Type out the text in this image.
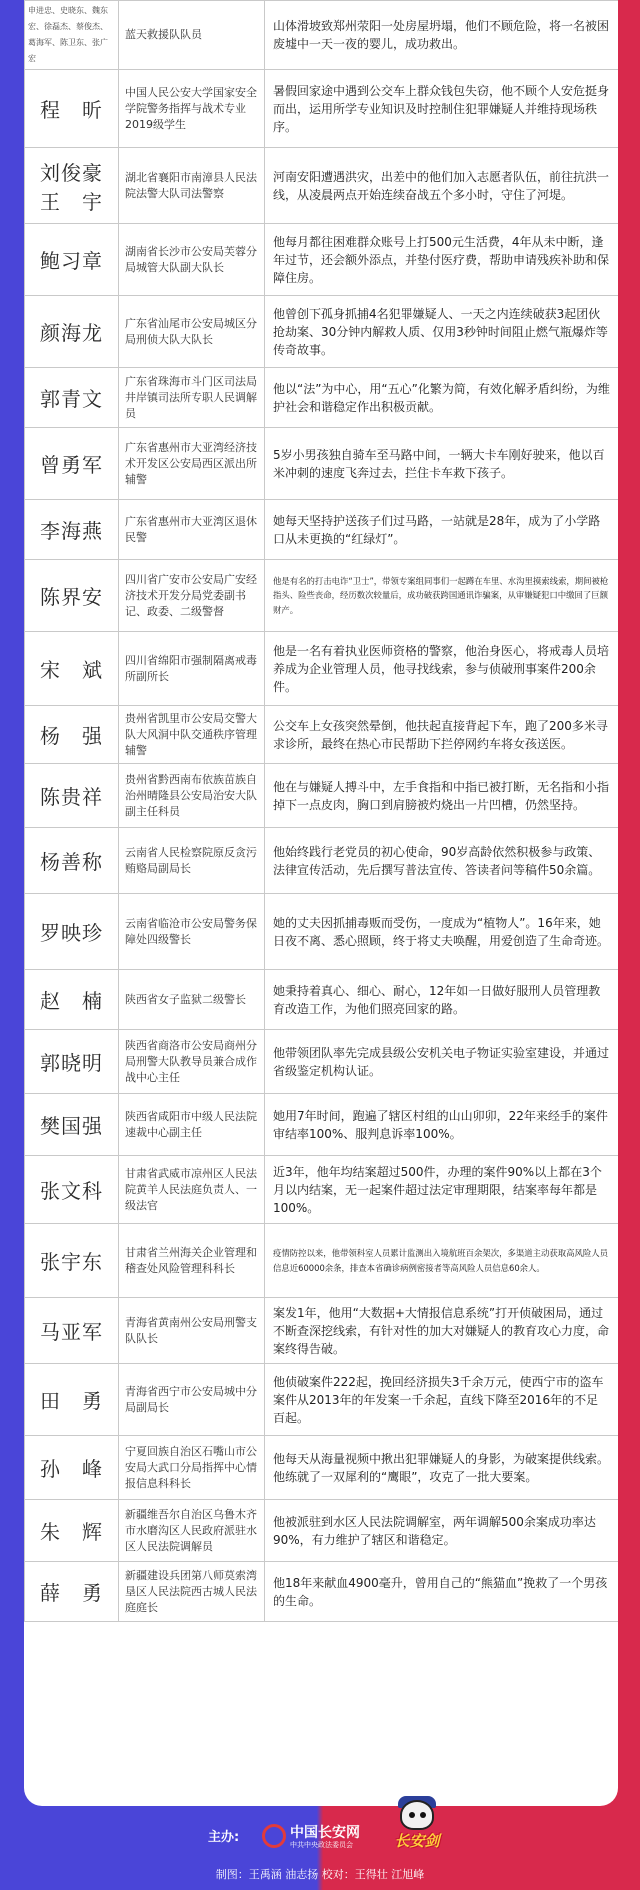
申进忠、史晓东、魏东宏、徐磊杰、蔡俊杰、葛海军、陈卫东、张广宏	蓝天救援队队员	山体滑坡致郑州荥阳一处房屋坍塌，他们不顾危险，将一名被困废墟中一天一夜的婴儿，成功救出。
程　昕	中国人民公安大学国家安全学院警务指挥与战术专业2019级学生	暑假回家途中遇到公交车上群众钱包失窃，他不顾个人安危挺身而出，运用所学专业知识及时控制住犯罪嫌疑人并维持现场秩序。
刘俊豪 王　宇	湖北省襄阳市南漳县人民法院法警大队司法警察	河南安阳遭遇洪灾，出差中的他们加入志愿者队伍，前往抗洪一线，从凌晨两点开始连续奋战五个多小时，守住了河堤。
鲍习章	湖南省长沙市公安局芙蓉分局城管大队副大队长	他每月都往困难群众账号上打500元生活费，4年从未中断，逢年过节，还会额外添点，并垫付医疗费，帮助申请残疾补助和保障住房。
颜海龙	广东省汕尾市公安局城区分局刑侦大队大队长	他曾创下孤身抓捕4名犯罪嫌疑人、一天之内连续破获3起团伙抢劫案、30分钟内解救人质、仅用3秒钟时间阻止燃气瓶爆炸等传奇故事。
郭青文	广东省珠海市斗门区司法局井岸镇司法所专职人民调解员	他以“法”为中心，用“五心”化繁为简，有效化解矛盾纠纷，为维护社会和谐稳定作出积极贡献。
曾勇军	广东省惠州市大亚湾经济技术开发区公安局西区派出所辅警	5岁小男孩独自骑车至马路中间，一辆大卡车刚好驶来，他以百米冲刺的速度飞奔过去，拦住卡车救下孩子。
李海燕	广东省惠州市大亚湾区退休民警	她每天坚持护送孩子们过马路，一站就是28年，成为了小学路口从未更换的“红绿灯”。
陈界安	四川省广安市公安局广安经济技术开发分局党委副书记、政委、二级警督	他是有名的打击电诈“卫士”，带领专案组同事们一起蹲在车里、水沟里摸索线索，期间被枪指头、险些丧命，经历数次较量后，成功破获跨国通讯诈骗案，从审嫌疑犯口中缴回了巨额财产。
宋　斌	四川省绵阳市强制隔离戒毒所副所长	他是一名有着执业医师资格的警察，他治身医心，将戒毒人员培养成为企业管理人员，他寻找线索，参与侦破刑事案件200余件。
杨　强	贵州省凯里市公安局交警大队大风洞中队交通秩序管理辅警	公交车上女孩突然晕倒，他扶起直接背起下车，跑了200多米寻求诊所，最终在热心市民帮助下拦停网约车将女孩送医。
陈贵祥	贵州省黔西南布依族苗族自治州晴隆县公安局治安大队副主任科员	他在与嫌疑人搏斗中，左手食指和中指已被打断，无名指和小指掉下一点皮肉，胸口到肩膀被灼烧出一片凹槽，仍然坚持。
杨善称	云南省人民检察院原反贪污贿赂局副局长	他始终践行老党员的初心使命，90岁高龄依然积极参与政策、法律宣传活动，先后撰写普法宣传、答读者问等稿件50余篇。
罗映珍	云南省临沧市公安局警务保障处四级警长	她的丈夫因抓捕毒贩而受伤，一度成为“植物人”。16年来，她日夜不离、悉心照顾，终于将丈夫唤醒，用爱创造了生命奇迹。
赵　楠	陕西省女子监狱二级警长	她秉持着真心、细心、耐心，12年如一日做好服刑人员管理教育改造工作，为他们照亮回家的路。
郭晓明	陕西省商洛市公安局商州分局刑警大队教导员兼合成作战中心主任	他带领团队率先完成县级公安机关电子物证实验室建设，并通过省级鉴定机构认证。
樊国强	陕西省咸阳市中级人民法院速裁中心副主任	她用7年时间，跑遍了辖区村组的山山卯卯，22年来经手的案件审结率100%、服判息诉率100%。
张文科	甘肃省武威市凉州区人民法院黄羊人民法庭负责人、一级法官	近3年，他年均结案超过500件，办理的案件90%以上都在3个月以内结案，无一起案件超过法定审理期限，结案率每年都是100%。
张宇东	甘肃省兰州海关企业管理和稽查处风险管理科科长	疫情防控以来，他带领科室人员累计监测出入境航班百余架次，多渠道主动获取高风险人员信息近60000余条，排查本省确诊病例密接者等高风险人员信息60余人。
马亚军	青海省黄南州公安局刑警支队队长	案发1年，他用“大数据+大情报信息系统”打开侦破困局，通过不断查深挖线索，有针对性的加大对嫌疑人的教育攻心力度，命案终得告破。
田　勇	青海省西宁市公安局城中分局副局长	他侦破案件222起，挽回经济损失3千余万元，使西宁市的盗车案件从2013年的年发案一千余起，直线下降至2016年的不足百起。
孙　峰	宁夏回族自治区石嘴山市公安局大武口分局指挥中心情报信息科科长	他每天从海量视频中揪出犯罪嫌疑人的身影，为破案提供线索。他练就了一双犀利的“鹰眼”，攻克了一批大要案。
朱　辉	新疆维吾尔自治区乌鲁木齐市水磨沟区人民政府派驻水区人民法院调解员	他被派驻到水区人民法院调解室，两年调解500余案成功率达90%，有力维护了辖区和谐稳定。
薛　勇	新疆建设兵团第八师莫索湾垦区人民法院西古城人民法庭庭长	他18年来献血4900毫升，曾用自己的“熊猫血”挽救了一个男孩的生命。
主办:	中国长安网
中共中央政法委员会	长安剑
制图：王禹涵 油志扬 校对：王得壮 江旭峰
